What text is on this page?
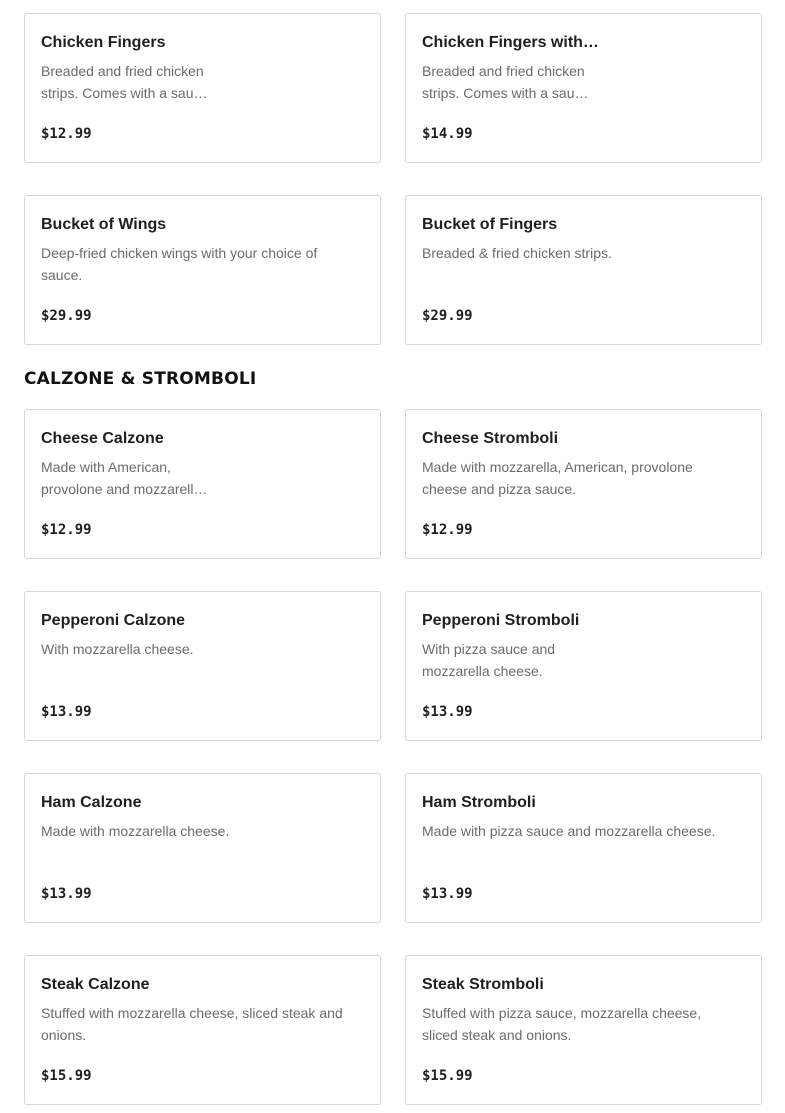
Chicken Fingers
Breaded and fried chicken
strips. Comes with a sau…
$12.99
Chicken Fingers with…
Breaded and fried chicken
strips. Comes with a sau…
$14.99
Bucket of Wings
Deep-fried chicken wings with your choice of
sauce.
$29.99
Bucket of Fingers
Breaded & fried chicken strips.
$29.99
CALZONE & STROMBOLI
Cheese Calzone
Made with American,
provolone and mozzarell…
$12.99
Cheese Stromboli
Made with mozzarella, American, provolone
cheese and pizza sauce.
$12.99
Pepperoni Calzone
With mozzarella cheese.
$13.99
Pepperoni Stromboli
With pizza sauce and
mozzarella cheese.
$13.99
Ham Calzone
Made with mozzarella cheese.
$13.99
Ham Stromboli
Made with pizza sauce and mozzarella cheese.
$13.99
Steak Calzone
Stuffed with mozzarella cheese, sliced steak and
onions.
$15.99
Steak Stromboli
Stuffed with pizza sauce, mozzarella cheese,
sliced steak and onions.
$15.99
